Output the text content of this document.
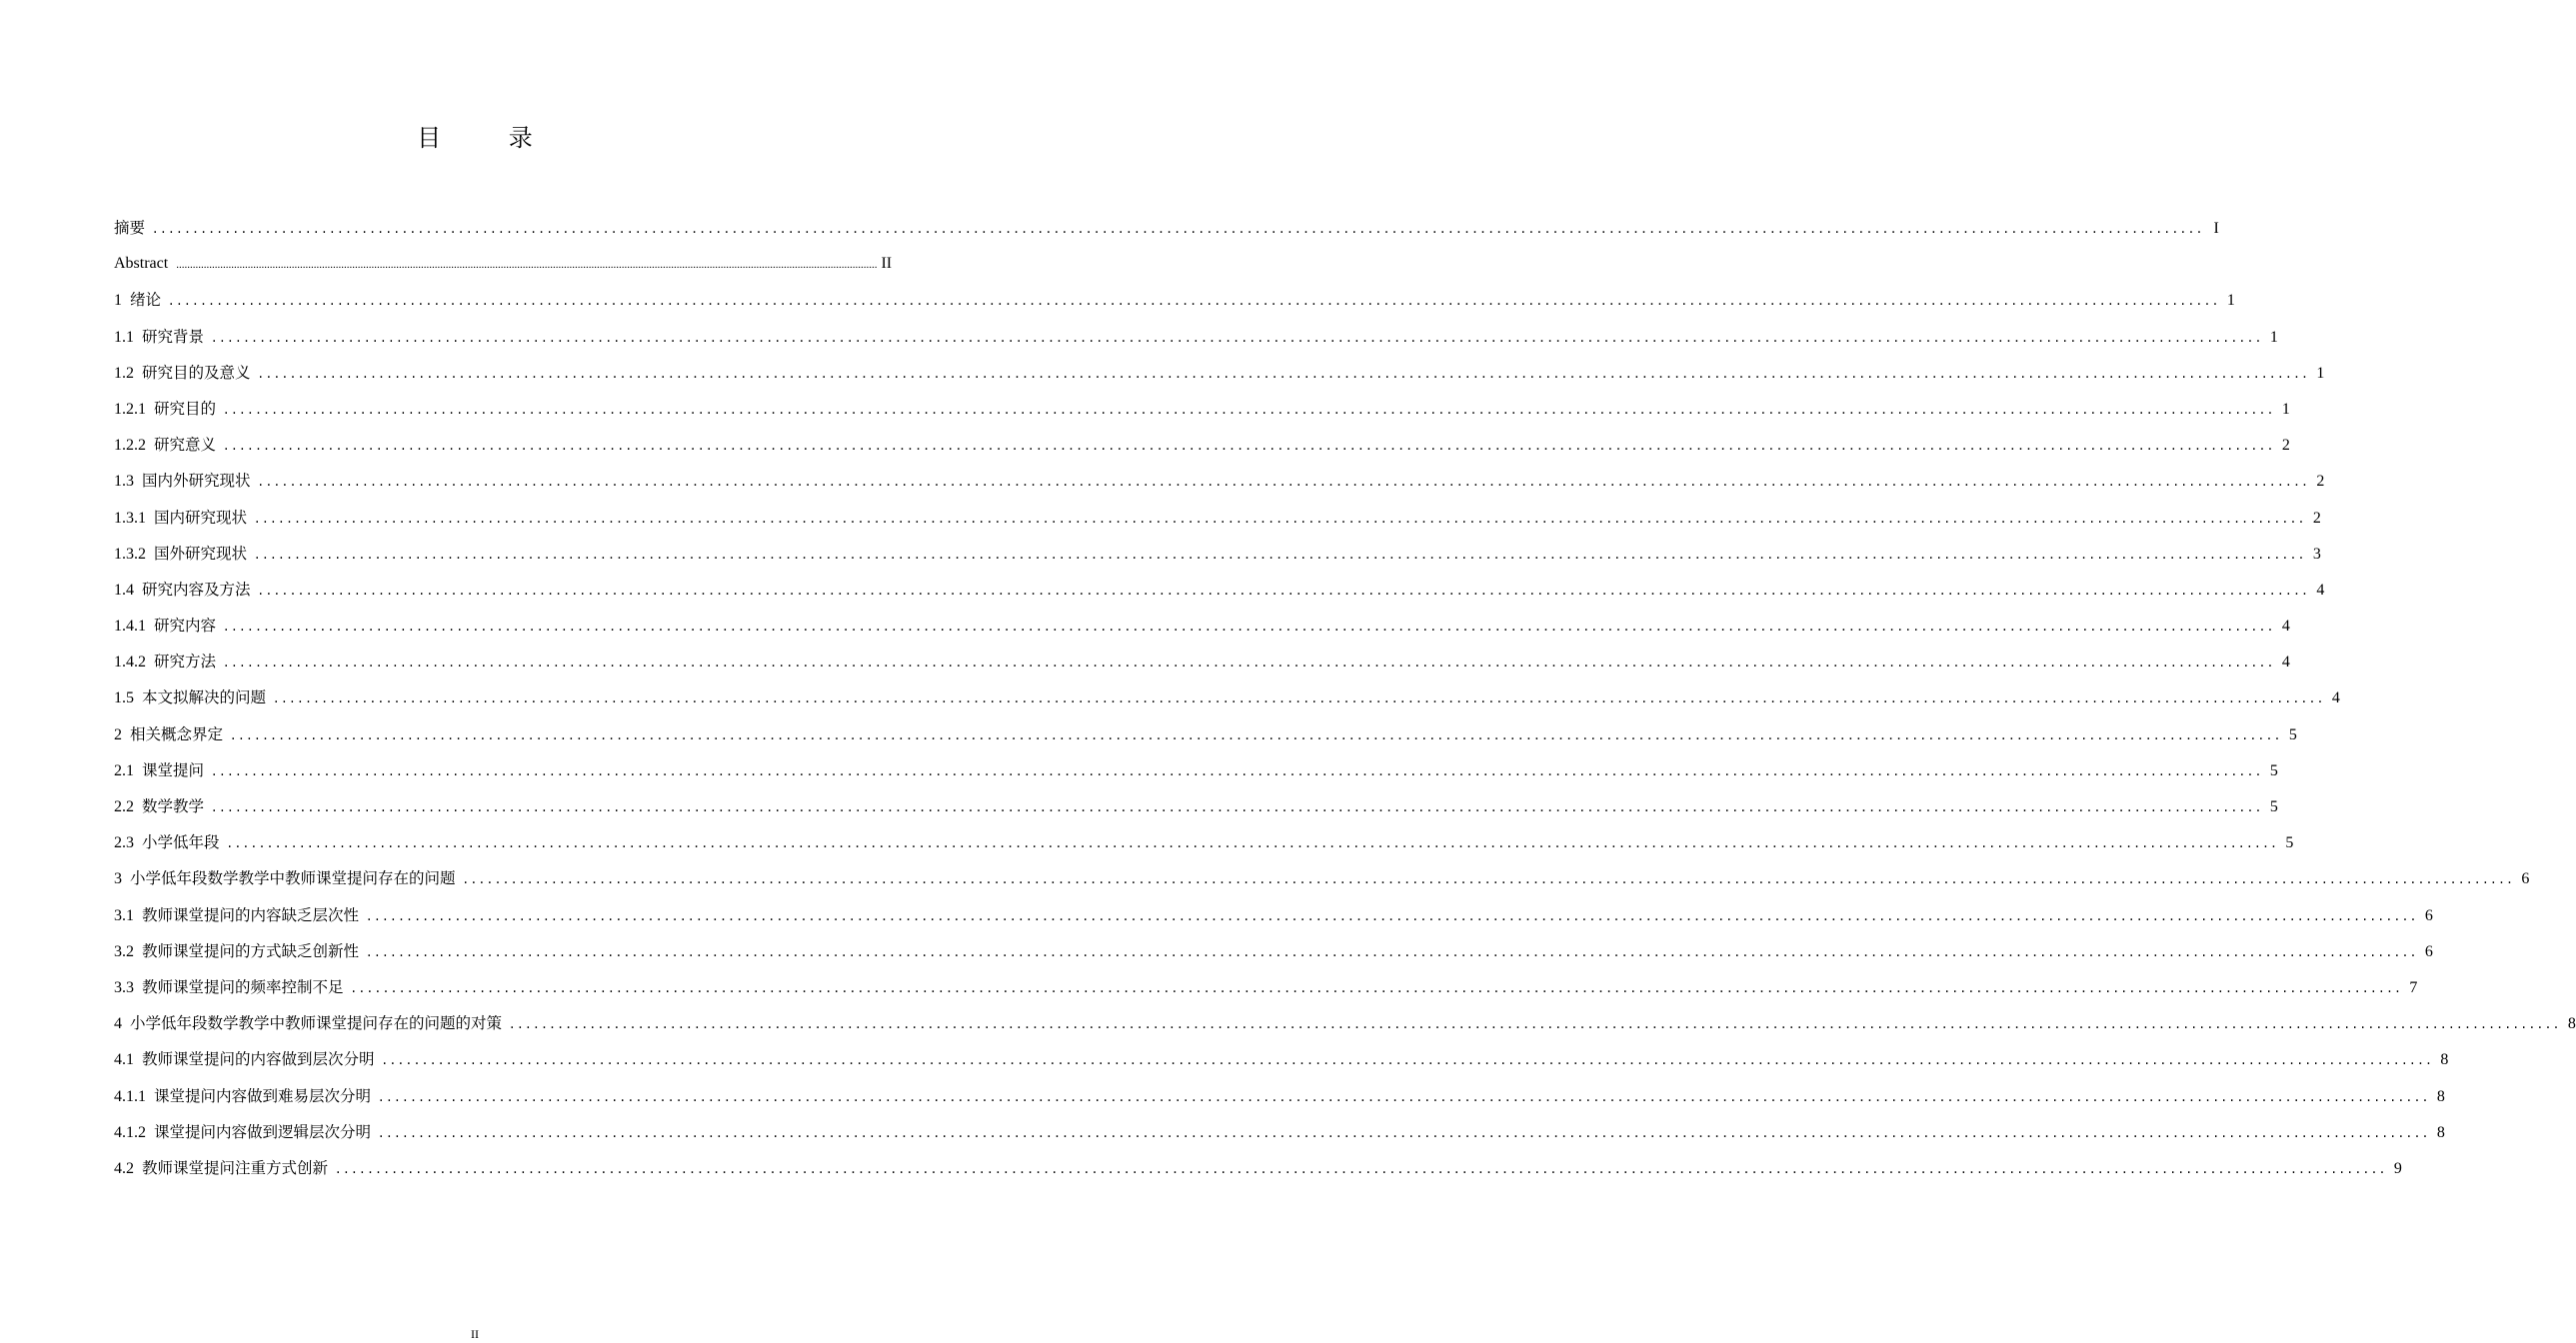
目 录
摘要 ............................................................................................................................................................................................................................................................... I
Abstract ............................................................................................................................................................................................................................................................... II
1 绪论 ............................................................................................................................................................................................................................................................... 1
1.1 研究背景 ............................................................................................................................................................................................................................................................... 1
1.2 研究目的及意义 ............................................................................................................................................................................................................................................................... 1
1.2.1 研究目的 ............................................................................................................................................................................................................................................................... 1
1.2.2 研究意义 ............................................................................................................................................................................................................................................................... 2
1.3 国内外研究现状 ............................................................................................................................................................................................................................................................... 2
1.3.1 国内研究现状 ............................................................................................................................................................................................................................................................... 2
1.3.2 国外研究现状 ............................................................................................................................................................................................................................................................... 3
1.4 研究内容及方法 ............................................................................................................................................................................................................................................................... 4
1.4.1 研究内容 ............................................................................................................................................................................................................................................................... 4
1.4.2 研究方法 ............................................................................................................................................................................................................................................................... 4
1.5 本文拟解决的问题 ............................................................................................................................................................................................................................................................... 4
2 相关概念界定 ............................................................................................................................................................................................................................................................... 5
2.1 课堂提问 ............................................................................................................................................................................................................................................................... 5
2.2 数学教学 ............................................................................................................................................................................................................................................................... 5
2.3 小学低年段 ............................................................................................................................................................................................................................................................... 5
3 小学低年段数学教学中教师课堂提问存在的问题 ............................................................................................................................................................................................................................................................... 6
3.1 教师课堂提问的内容缺乏层次性 ............................................................................................................................................................................................................................................................... 6
3.2 教师课堂提问的方式缺乏创新性 ............................................................................................................................................................................................................................................................... 6
3.3 教师课堂提问的频率控制不足 ............................................................................................................................................................................................................................................................... 7
4 小学低年段数学教学中教师课堂提问存在的问题的对策 ............................................................................................................................................................................................................................................................... 8
4.1 教师课堂提问的内容做到层次分明 ............................................................................................................................................................................................................................................................... 8
4.1.1 课堂提问内容做到难易层次分明 ............................................................................................................................................................................................................................................................... 8
4.1.2 课堂提问内容做到逻辑层次分明 ............................................................................................................................................................................................................................................................... 8
4.2 教师课堂提问注重方式创新 ............................................................................................................................................................................................................................................................... 9
II
